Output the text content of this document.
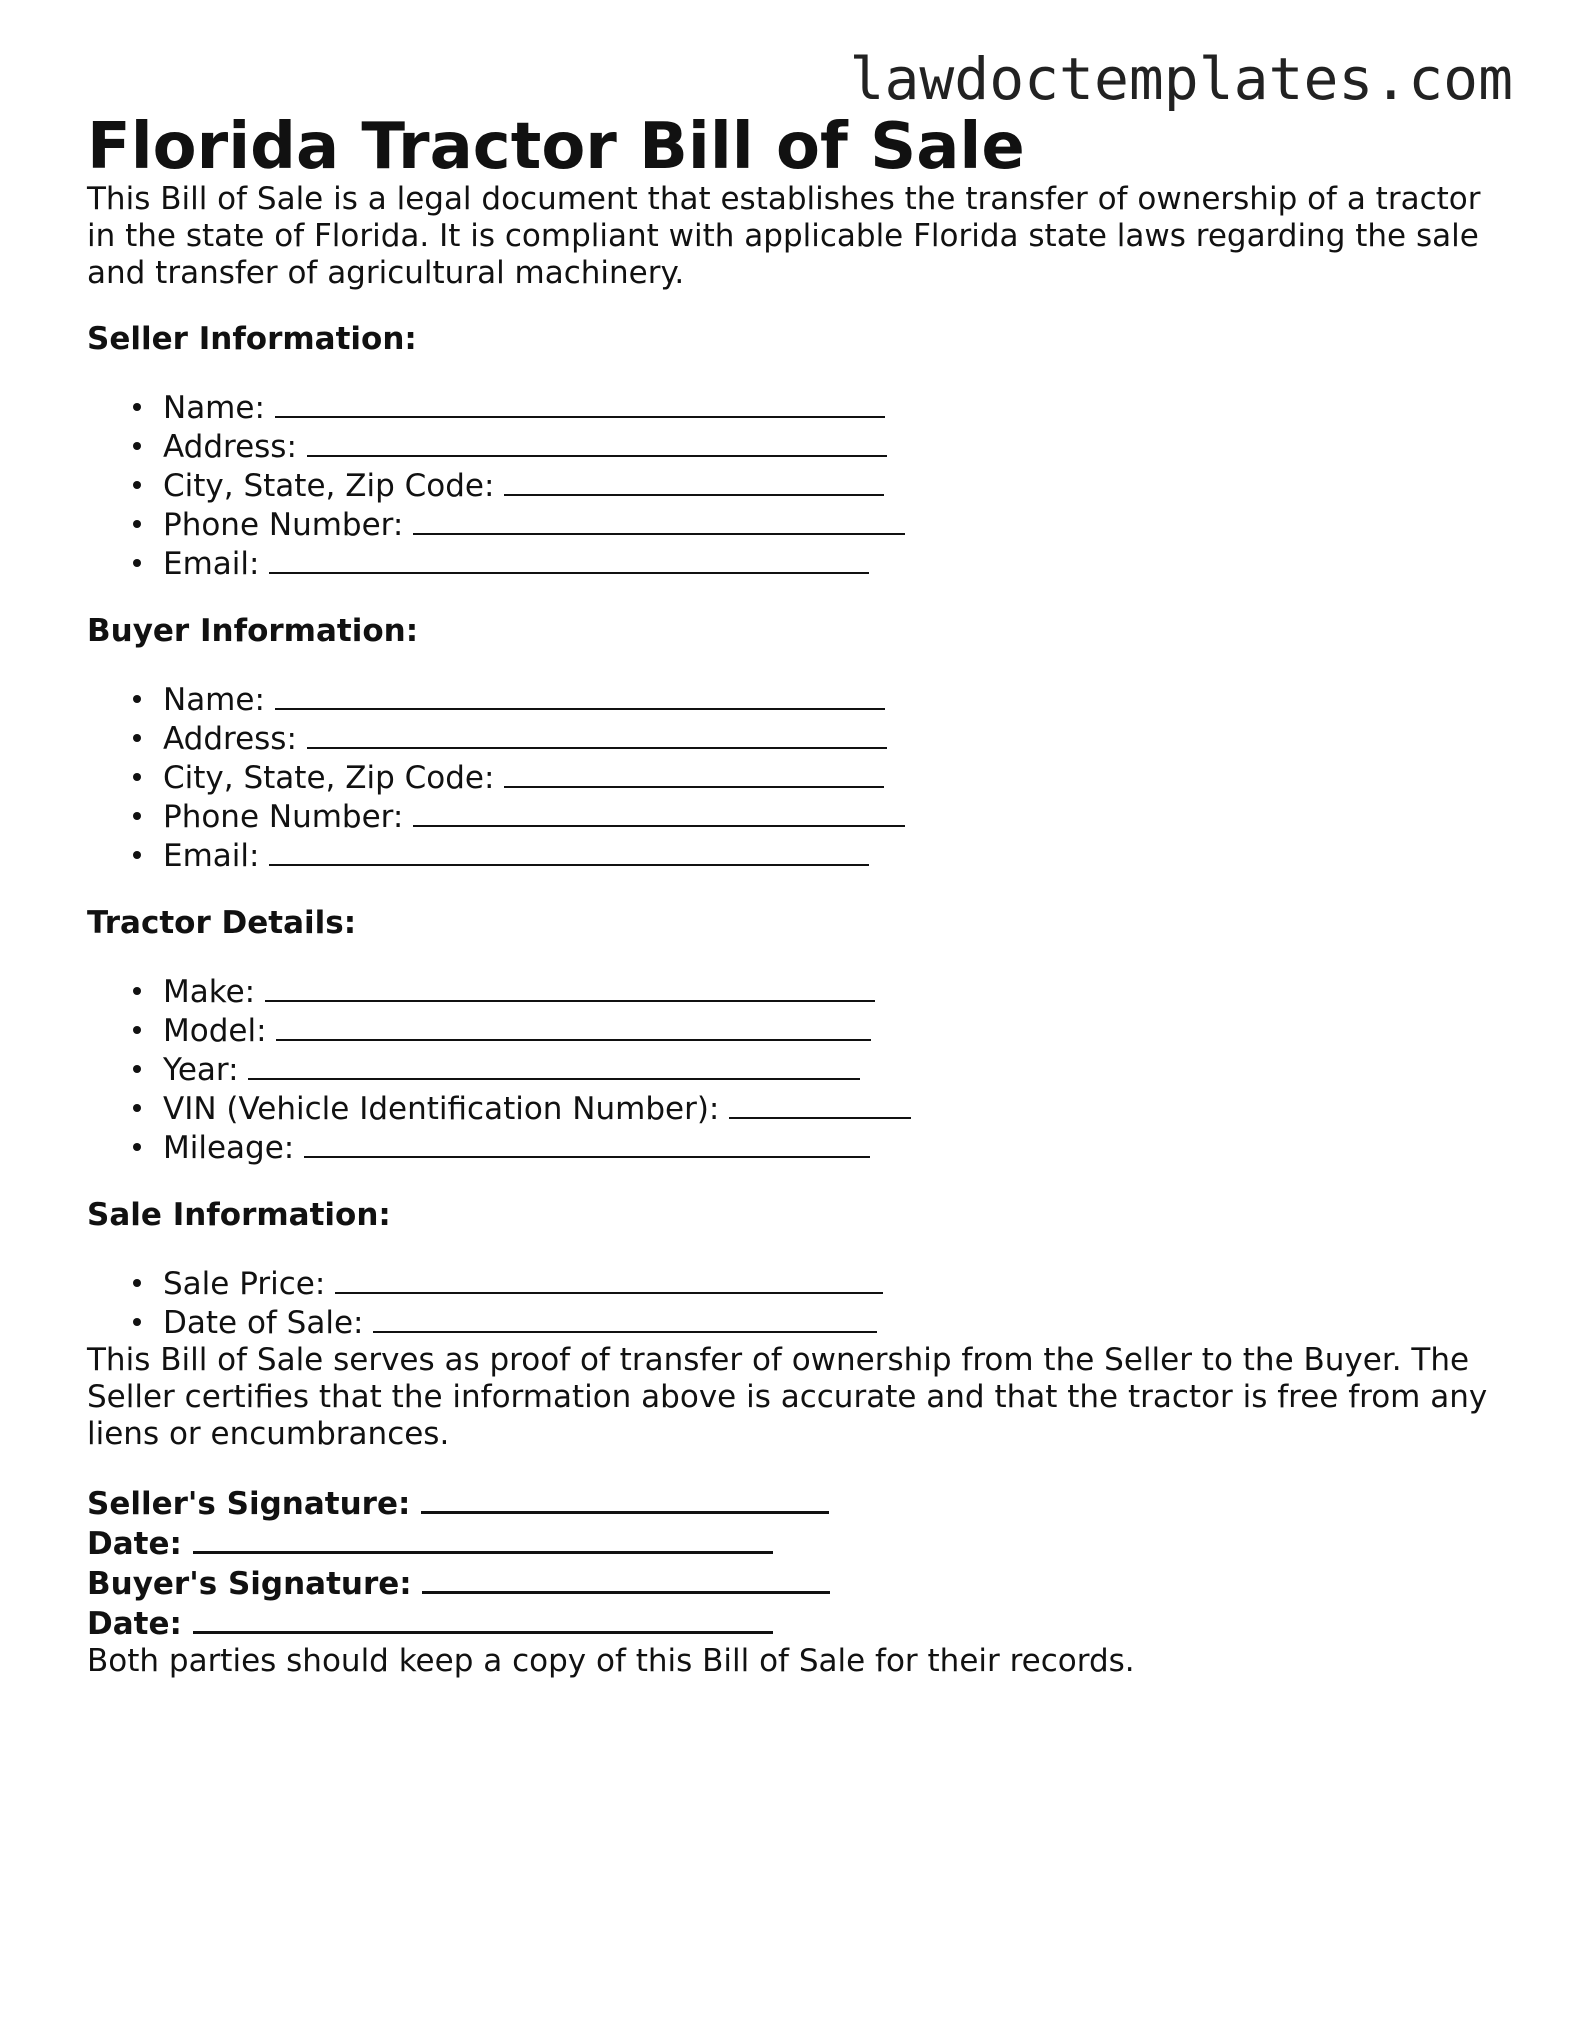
lawdoctemplates.com
Florida Tractor Bill of Sale

This Bill of Sale is a legal document that establishes the transfer of ownership of a tractor in the state of Florida. It is compliant with applicable Florida state laws regarding the sale and transfer of agricultural machinery.

Seller Information:

Name:
Address:
City, State, Zip Code:
Phone Number:
Email:

Buyer Information:

Name:
Address:
City, State, Zip Code:
Phone Number:
Email:

Tractor Details:

Make:
Model:
Year:
VIN (Vehicle Identification Number):
Mileage:

Sale Information:

Sale Price:
Date of Sale:

This Bill of Sale serves as proof of transfer of ownership from the Seller to the Buyer. The Seller certifies that the information above is accurate and that the tractor is free from any liens or encumbrances.

Seller's Signature:

Date:

Buyer's Signature:

Date:

Both parties should keep a copy of this Bill of Sale for their records.
